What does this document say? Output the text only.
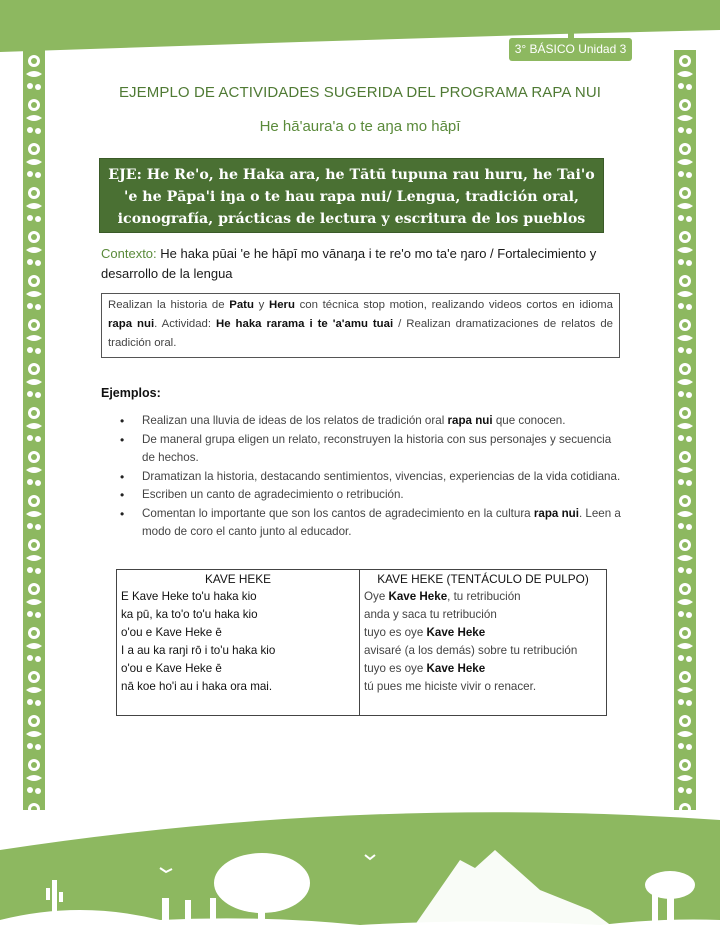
3° BÁSICO Unidad 3
EJEMPLO DE ACTIVIDADES SUGERIDA DEL PROGRAMA RAPA NUI
He hā'aura'a o te aŋa mo hāpī
EJE: He Re'o, he Haka ara, he Tātū tupuna rau huru, he Tai'o 'e he Pāpa'i iŋa o te hau rapa nui/ Lengua, tradición oral, iconografía, prácticas de lectura y escritura de los pueblos originarios.
Contexto: He haka pūai 'e he hāpī mo vānaŋa i te re'o mo ta'e ŋaro / Fortalecimiento y desarrollo de la lengua
Realizan la historia de Patu y Heru con técnica stop motion, realizando videos cortos en idioma rapa nui. Actividad: He haka rarama i te 'a'amu tuai / Realizan dramatizaciones de relatos de tradición oral.
Ejemplos:
• Realizan una lluvia de ideas de los relatos de tradición oral rapa nui que conocen.
• De maneral grupa eligen un relato, reconstruyen la historia con sus personajes y secuencia de hechos.
• Dramatizan la historia, destacando sentimientos, vivencias, experiencias de la vida cotidiana.
• Escriben un canto de agradecimiento o retribución.
• Comentan lo importante que son los cantos de agradecimiento en la cultura rapa nui. Leen a modo de coro el canto junto al educador.
KAVE HEKE
E Kave Heke to'u haka kio
ka pū, ka to'o to'u haka kio
o'ou e Kave Heke ē
I a au ka raŋi rō i to'u haka kio
o'ou e Kave Heke ē
nā koe ho'i au i haka ora mai.
KAVE HEKE (TENTÁCULO DE PULPO)
Oye Kave Heke, tu retribución
anda y saca tu retribución
tuyo es oye Kave Heke
avisaré (a los demás) sobre tu retribución
tuyo es oye Kave Heke
tú pues me hiciste vivir o renacer.
